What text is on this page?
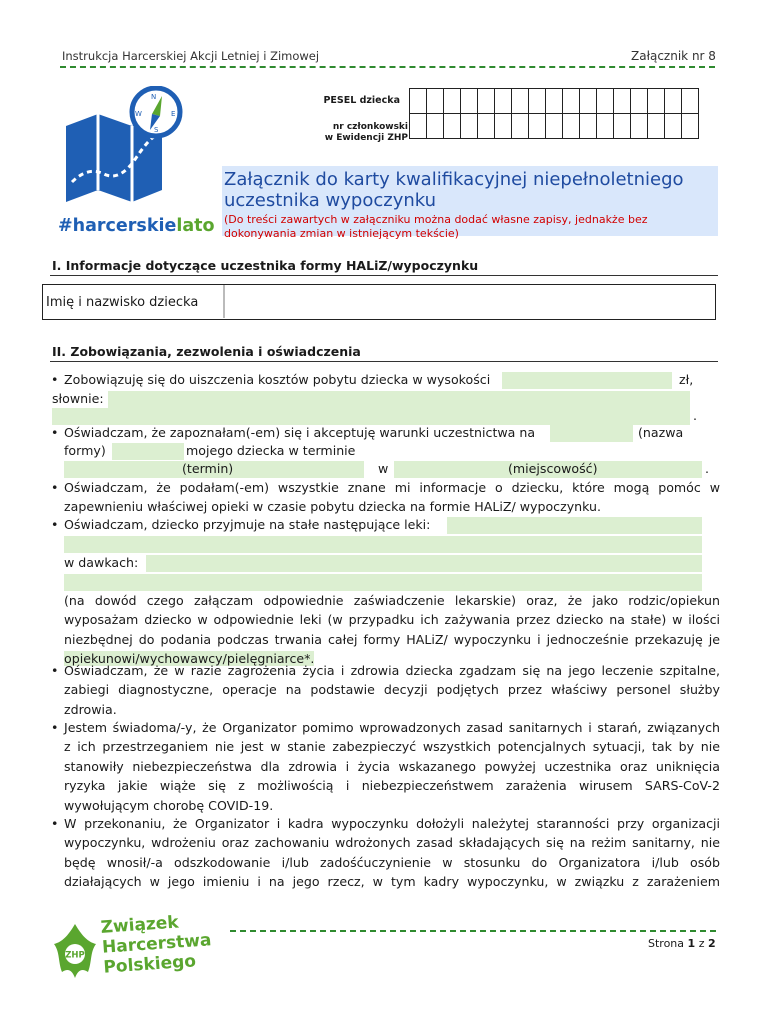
Instrukcja Harcerskiej Akcji Letniej i Zimowej	Załącznik nr 8
N
E
S
W
#harcerskielato
PESEL dziecka
nr członkowski
w Ewidencji ZHP

Załącznik do karty kwalifikacyjnej niepełnoletniego
uczestnika wypoczynku
(Do treści zawartych w załączniku można dodać własne zapisy, jednakże bez
dokonywania zmian w istniejącym tekście)
I. Informacje dotyczące uczestnika formy HALiZ/wypoczynku
Imię i nazwisko dziecka
II. Zobowiązania, zezwolenia i oświadczenia
• Zobowiązuję się do uiszczenia kosztów pobytu dziecka w wysokości	zł,
słownie:
.
• Oświadczam, że zapoznałam(-em) się i akceptuję warunki uczestnictwa na	(nazwa
formy)	mojego dziecka w terminie
(termin)	w	(miejscowość)	.

• Oświadczam, że podałam(-em) wszystkie znane mi informacje o dziecku, które mogą pomóc w

zapewnieniu właściwej opieki w czasie pobytu dziecka na formie HALiZ/ wypoczynku.

• Oświadczam, dziecko przyjmuje na stałe następujące leki:
w dawkach:

(na dowód czego załączam odpowiednie zaświadczenie lekarskie) oraz, że jako rodzic/opiekun

wyposażam dziecko w odpowiednie leki (w przypadku ich zażywania przez dziecko na stałe) w ilości

niezbędnej do podania podczas trwania całej formy HALiZ/ wypoczynku i jednocześnie przekazuję je

opiekunowi/wychowawcy/pielęgniarce*.

• Oświadczam, że w razie zagrożenia życia i zdrowia dziecka zgadzam się na jego leczenie szpitalne,

zabiegi diagnostyczne, operacje na podstawie decyzji podjętych przez właściwy personel służby

zdrowia.

• Jestem świadoma/-y, że Organizator pomimo wprowadzonych zasad sanitarnych i starań, związanych

z ich przestrzeganiem nie jest w stanie zabezpieczyć wszystkich potencjalnych sytuacji, tak by nie

stanowiły niebezpieczeństwa dla zdrowia i życia wskazanego powyżej uczestnika oraz uniknięcia

ryzyka jakie wiąże się z możliwością i niebezpieczeństwem zarażenia wirusem SARS-CoV-2

wywołującym chorobę COVID-19.

• W przekonaniu, że Organizator i kadra wypoczynku dołożyli należytej staranności przy organizacji

wypoczynku, wdrożeniu oraz zachowaniu wdrożonych zasad składających się na reżim sanitarny, nie

będę wnosił/-a odszkodowanie i/lub zadośćuczynienie w stosunku do Organizatora i/lub osób

działających w jego imieniu i na jego rzecz, w tym kadry wypoczynku, w związku z zarażeniem

ZHP
Związek
Harcerstwa
Polskiego
Strona 1 z 2
